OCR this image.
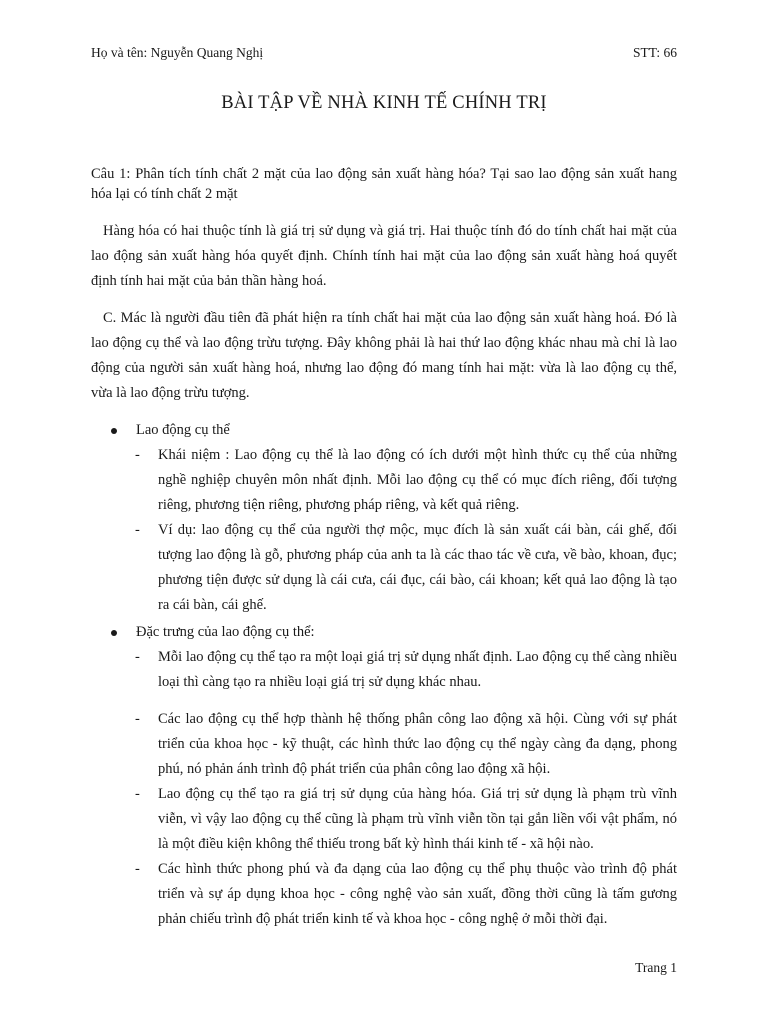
Họ và tên: Nguyễn Quang Nghị	STT: 66
BÀI TẬP VỀ NHÀ KINH TẾ CHÍNH TRỊ
Câu 1: Phân tích tính chất 2 mặt của lao động sản xuất hàng hóa? Tại sao lao động sản xuất hang hóa lại có tính chất 2 mặt
Hàng hóa có hai thuộc tính là giá trị sử dụng và giá trị. Hai thuộc tính đó do tính chất hai mặt của lao động sản xuất hàng hóa quyết định. Chính tính hai mặt của lao động sản xuất hàng hoá quyết định tính hai mặt của bản thần hàng hoá.
C. Mác là người đầu tiên đã phát hiện ra tính chất hai mặt của lao động sản xuất hàng hoá. Đó là lao động cụ thể và lao động trừu tượng. Đây không phải là hai thứ lao động khác nhau mà chỉ là lao động của người sản xuất hàng hoá, nhưng lao động đó mang tính hai mặt: vừa là lao động cụ thể, vừa là lao động trừu tượng.
Lao động cụ thể
- Khái niệm : Lao động cụ thể là lao động có ích dưới một hình thức cụ thể của những nghề nghiệp chuyên môn nhất định. Mỗi lao động cụ thể có mục đích riêng, đối tượng riêng, phương tiện riêng, phương pháp riêng, và kết quả riêng.
- Ví dụ: lao động cụ thể của người thợ mộc, mục đích là sản xuất cái bàn, cái ghế, đối tượng lao động là gỗ, phương pháp của anh ta là các thao tác về cưa, về bào, khoan, đục; phương tiện được sử dụng là cái cưa, cái đục, cái bào, cái khoan; kết quả lao động là tạo ra cái bàn, cái ghế.
Đặc trưng của lao động cụ thể:
- Mỗi lao động cụ thể tạo ra một loại giá trị sử dụng nhất định. Lao động cụ thể càng nhiều loại thì càng tạo ra nhiều loại giá trị sử dụng khác nhau.
- Các lao động cụ thể hợp thành hệ thống phân công lao động xã hội. Cùng với sự phát triển của khoa học - kỹ thuật, các hình thức lao động cụ thể ngày càng đa dạng, phong phú, nó phản ánh trình độ phát triển của phân công lao động xã hội.
- Lao động cụ thể tạo ra giá trị sử dụng của hàng hóa. Giá trị sử dụng là phạm trù vĩnh viễn, vì vậy lao động cụ thể cũng là phạm trù vĩnh viễn tồn tại gắn liền vối vật phẩm, nó là một điều kiện không thể thiếu trong bất kỳ hình thái kinh tế - xã hội nào.
- Các hình thức phong phú và đa dạng của lao động cụ thể phụ thuộc vào trình độ phát triển và sự áp dụng khoa học - công nghệ vào sản xuất, đồng thời cũng là tấm gương phản chiếu trình độ phát triển kinh tế và khoa học - công nghệ ở mỗi thời đại.
Trang 1
